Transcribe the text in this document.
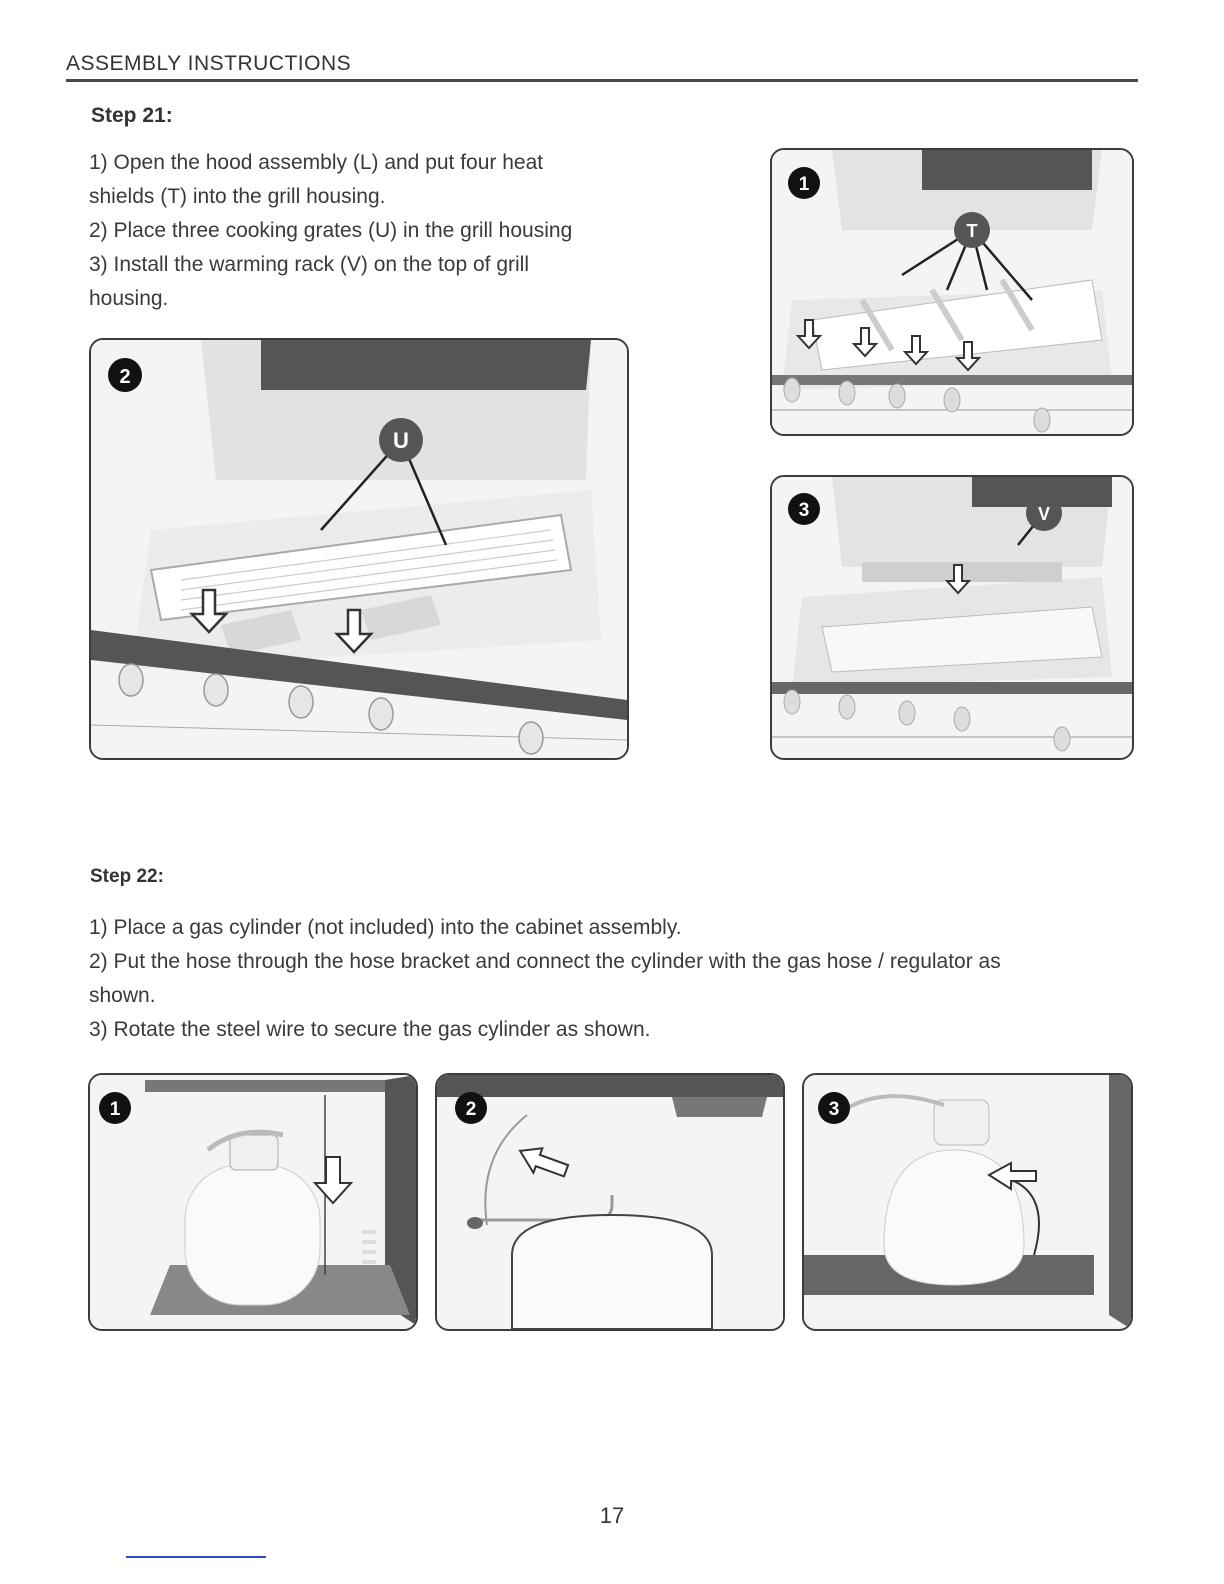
ASSEMBLY INSTRUCTIONS
Step 21:

1) Open the hood assembly (L) and put four heat

shields (T) into the grill housing.

2) Place three cooking grates (U) in the grill housing

3) Install the warming rack (V) on the top of grill

housing.

T
1
U
2
V
3
Step 22:

1) Place a gas cylinder (not included) into the cabinet assembly.

2) Put the hose through the hose bracket and connect the cylinder with the gas hose / regulator as

shown.

3) Rotate the steel wire to secure the gas cylinder as shown.

1	2	3
17
